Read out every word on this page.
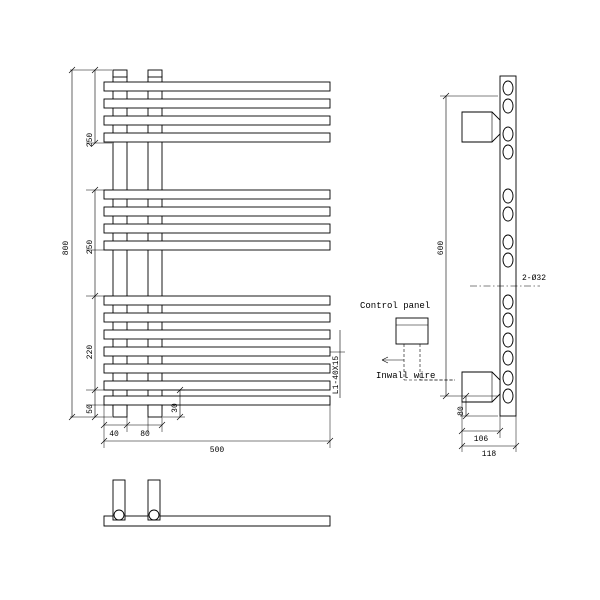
250
250
220
50
800
30
L1-40X15
40	80
500
Control panel
Inwall wire
2-Ø32
600
80
106
118
